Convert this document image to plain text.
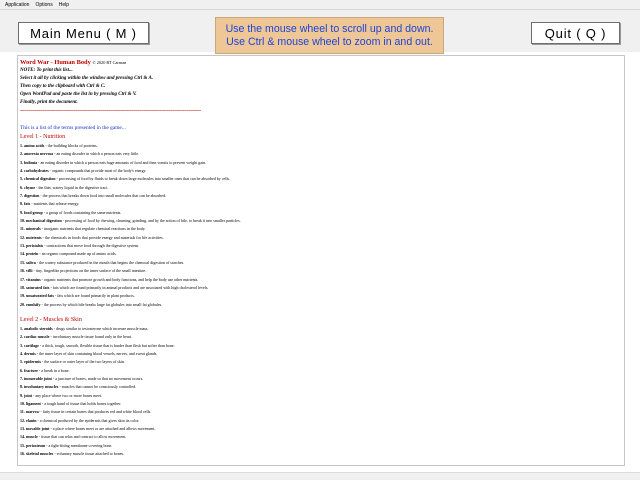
Application	Options	Help
Main Menu ( M )	Use the mouse wheel to scroll up and down.
Use Ctrl & mouse wheel to zoom in and out.
Quit ( Q )

Word War - Human Body © 2020 RT Carman

NOTE: To print this list...

Select it all by clicking within the window and pressing Ctrl & A.

Then copy to the clipboard with Ctrl & C.

Open WordPad and paste the list in by pressing Ctrl & V.

Finally, print the document.

========================================================================================

This is a list of the terms presented in the game...

Level 1 - Nutrition

1. amino acids - the building blocks of proteins.

2. anorexia nervosa - an eating disorder in which a person eats very little.

3. bulimia - an eating disorder in which a person eats huge amounts of food and then vomits to prevent weight gain.

4. carbohydrates - organic compounds that provide most of the body's energy.

5. chemical digestion - processing of food by fluids to break down large molecules into smaller ones that can be absorbed by cells.

6. chyme - the thin, watery liquid in the digestive tract.

7. digestion - the process that breaks down food into small molecules that can be absorbed.

8. fats - nutrients that release energy.

9. food group - a group of foods containing the same nutrients.

10. mechanical digestion - processing of food by chewing, churning, grinding, and by the action of bile, to break it into smaller particles.

11. minerals - inorganic nutrients that regulate chemical reactions in the body.

12. nutrients - the chemicals in foods that provide energy and materials for life activities.

13. peristalsis - contractions that move food through the digestive system.

14. protein - an organic compound made up of amino acids.

15. saliva - the watery substance produced in the mouth that begins the chemical digestion of starches.

16. villi - tiny, fingerlike projections on the inner surface of the small intestine.

17. vitamins - organic nutrients that promote growth and body functions, and help the body use other nutrients.

18. saturated fats - fats which are found primarily in animal products and are associated with high cholesterol levels.

19. unsaturated fats - fats which are found primarily in plant products.

20. emulsify - the process by which bile breaks large fat globules into small fat globules.

Level 2 - Muscles & Skin

1. anabolic steroids - drugs similar to testosterone which increase muscle mass.

2. cardiac muscle - involuntary muscle tissue found only in the heart.

3. cartilage - a thick, tough, smooth, flexible tissue that is harder than flesh but softer than bone.

4. dermis - the inner layer of skin containing blood vessels, nerves, and sweat glands.

5. epidermis - the surface or outer layer of the two layers of skin.

6. fracture - a break in a bone.

7. immovable joint - a juncture of bones, made so that no movement occurs.

8. involuntary muscles - muscles that cannot be consciously controlled.

9. joint - any place where two or more bones meet.

10. ligament - a tough band of tissue that holds bones together.

11. marrow - fatty tissue in certain bones that produces red and white blood cells.

12. elanin - a chemical produced by the epidermis that gives skin its color.

13. movable joint - a place where bones meet or are attached and allows movement.

14. muscle - tissue that can relax and contract to allow movement.

15. periosteum - a tight-fitting membrane covering bone.

16. skeletal muscles - voluntary muscle tissue attached to bones.
